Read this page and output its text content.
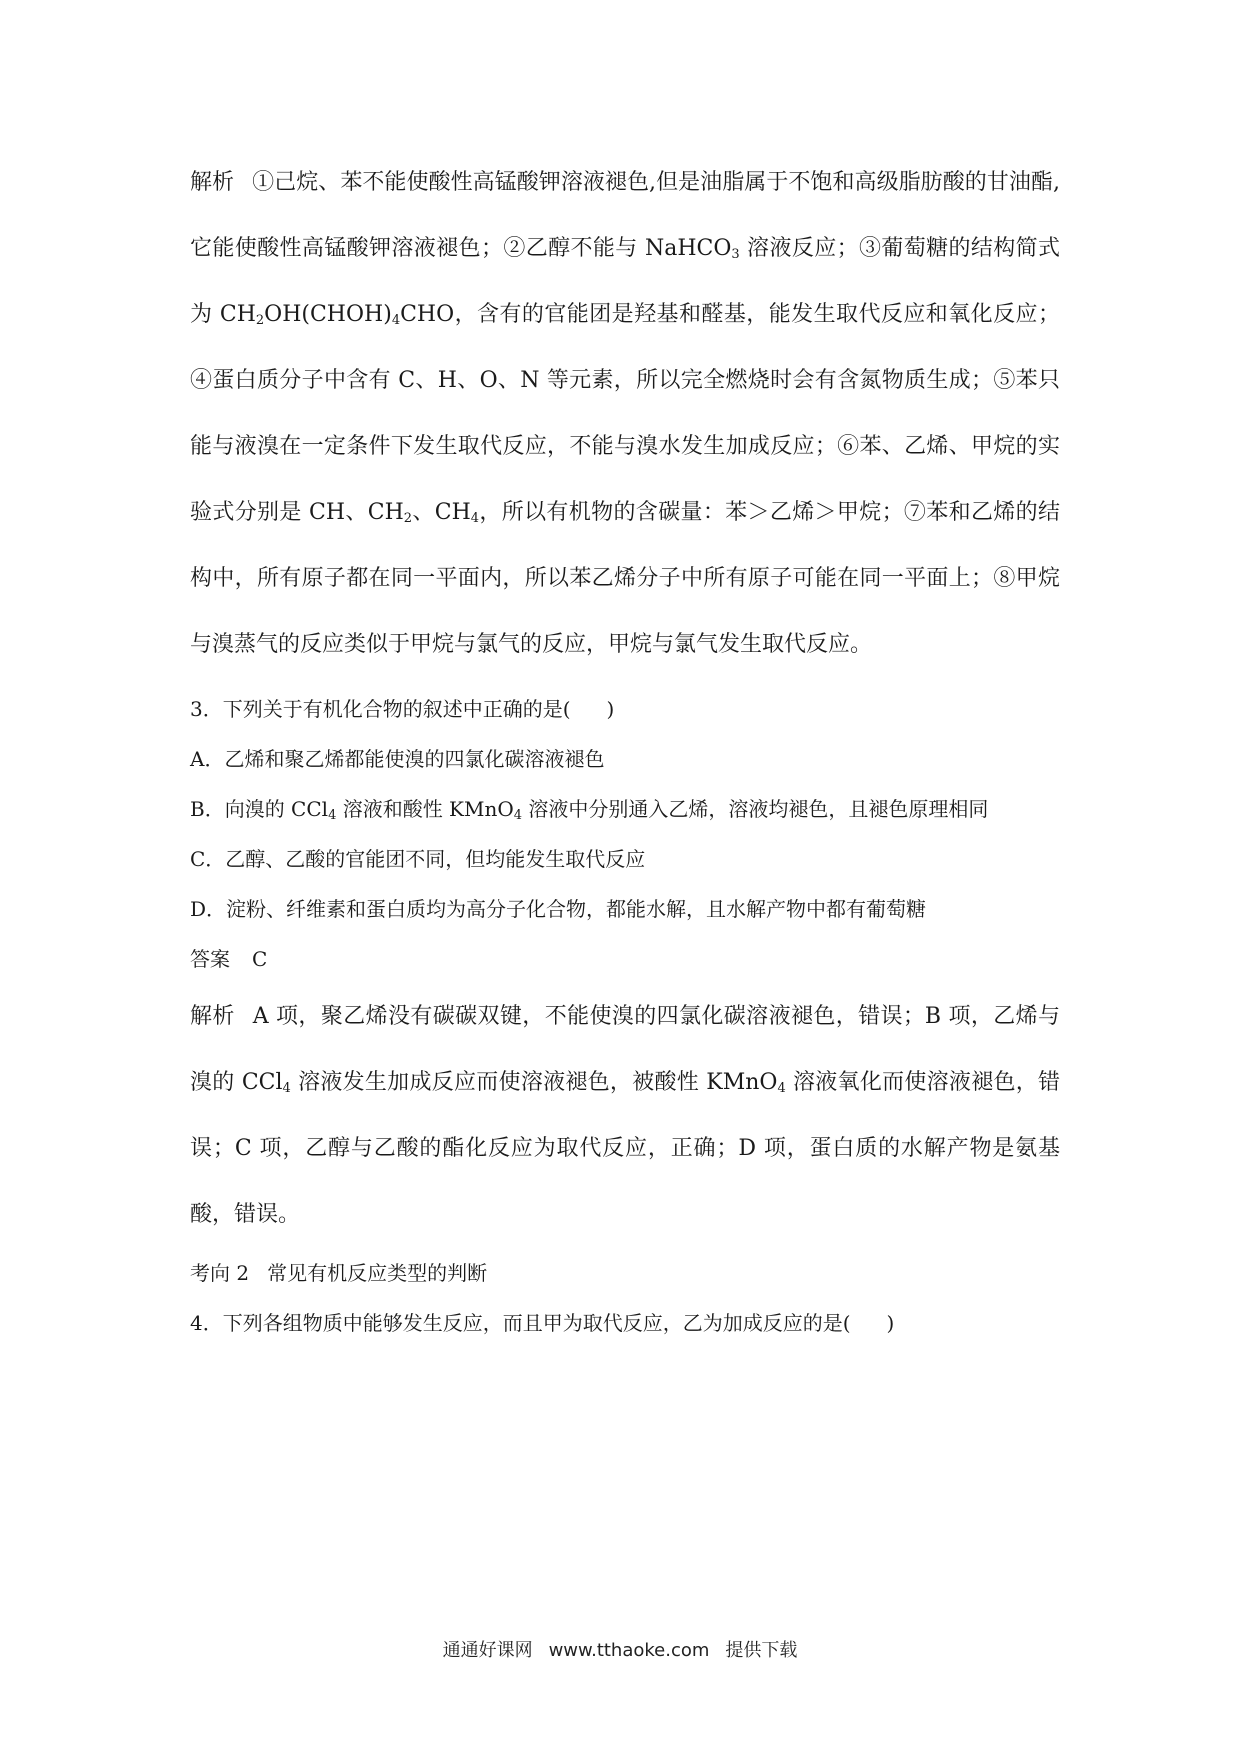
解析 ①己烷、苯不能使酸性高锰酸钾溶液褪色,但是油脂属于不饱和高级脂肪酸的甘油酯,它能使酸性高锰酸钾溶液褪色；②乙醇不能与 NaHCO$_3$ 溶液反应；③葡萄糖的结构简式为 $CH_2OH(CHOH)_4CHO$，含有的官能团是羟基和醛基，能发生取代反应和氧化反应；④蛋白质分子中含有 C、H、O、N 等元素，所以完全燃烧时会有含氮物质生成；⑤苯只能与液溴在一定条件下发生取代反应，不能与溴水发生加成反应；⑥苯、乙烯、甲烷的实验式分别是 CH、$CH_2$、$CH_4$，所以有机物的含碳量：苯＞乙烯＞甲烷；⑦苯和乙烯的结构中，所有原子都在同一平面内，所以苯乙烯分子中所有原子可能在同一平面上；⑧甲烷与溴蒸气的反应类似于甲烷与氯气的反应，甲烷与氯气发生取代反应。

3．下列关于有机化合物的叙述中正确的是( )

A．乙烯和聚乙烯都能使溴的四氯化碳溶液褪色

B．向溴的 CCl$_4$ 溶液和酸性 KMnO$_4$ 溶液中分别通入乙烯，溶液均褪色，且褪色原理相同

C．乙醇、乙酸的官能团不同，但均能发生取代反应

D．淀粉、纤维素和蛋白质均为高分子化合物，都能水解，且水解产物中都有葡萄糖

答案 C

解析 A 项，聚乙烯没有碳碳双键，不能使溴的四氯化碳溶液褪色，错误；B 项，乙烯与溴的 CCl$_4$ 溶液发生加成反应而使溶液褪色，被酸性 KMnO$_4$ 溶液氧化而使溶液褪色，错误；C 项，乙醇与乙酸的酯化反应为取代反应，正确；D 项，蛋白质的水解产物是氨基酸，错误。

考向 2 常见有机反应类型的判断

4．下列各组物质中能够发生反应，而且甲为取代反应，乙为加成反应的是( )

通通好课网 www.tthaoke.com 提供下载
